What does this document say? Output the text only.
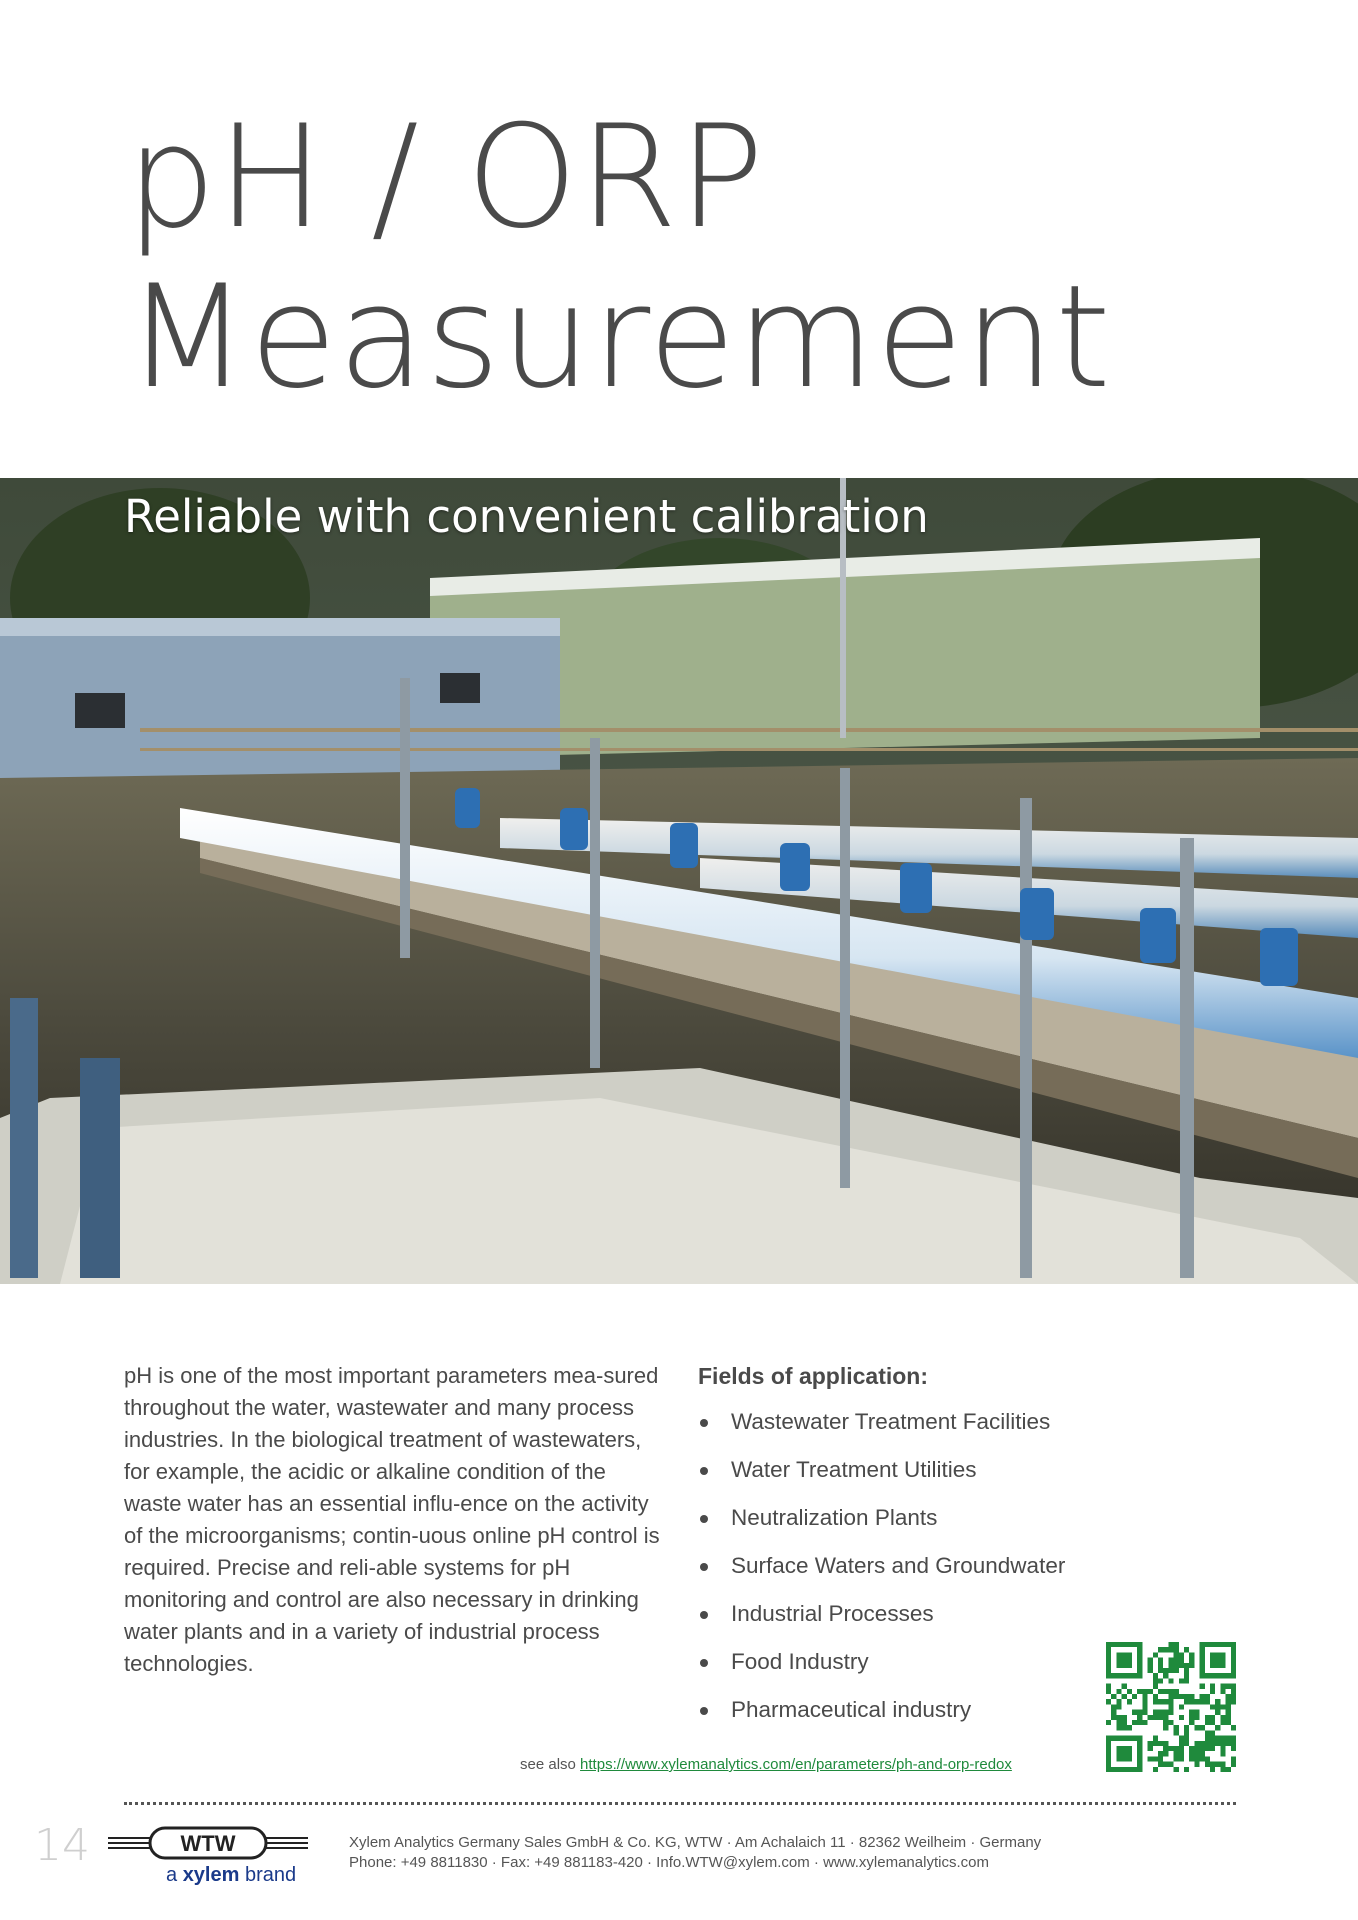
pH / ORP
Measurement

Reliable with convenient calibration

pH is one of the most important parameters mea-sured throughout the water, wastewater and many process industries. In the biological treatment of wastewaters, for example, the acidic or alkaline condition of the waste water has an essential influ-ence on the activity of the microorganisms; contin-uous online pH control is required. Precise and reli-able systems for pH monitoring and control are also necessary in drinking water plants and in a variety of industrial process technologies.

Fields of application:
Wastewater Treatment Facilities
Water Treatment Utilities
Neutralization Plants
Surface Waters and Groundwater
Industrial Processes
Food Industry
Pharmaceutical industry
see also https://www.xylemanalytics.com/en/parameters/ph-and-orp-redox
14	WTW
a xylem brand
Xylem Analytics Germany Sales GmbH & Co. KG, WTW · Am Achalaich 11 · 82362 Weilheim · Germany
Phone: +49 8811830 · Fax: +49 881183-420 · Info.WTW@xylem.com · www.xylemanalytics.com
